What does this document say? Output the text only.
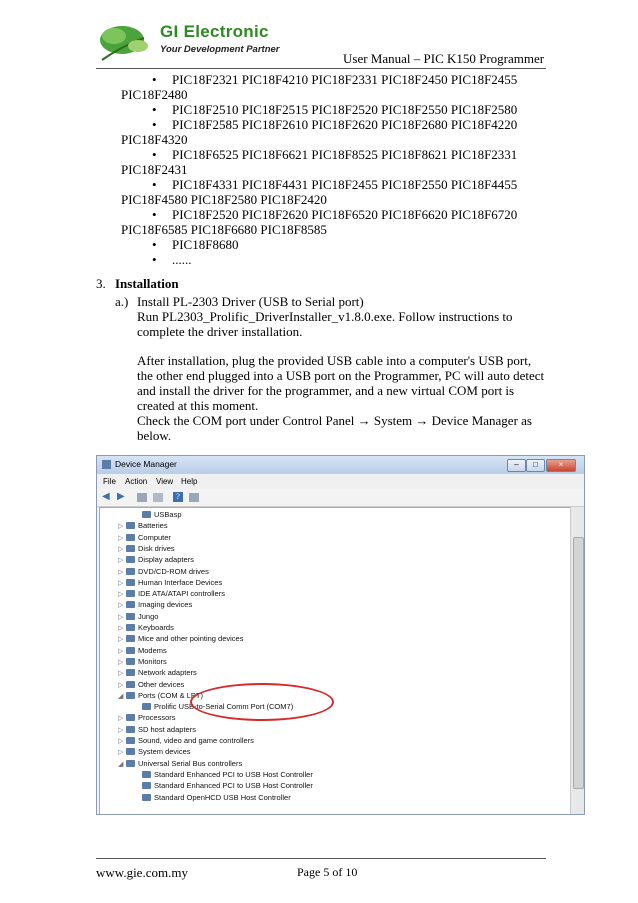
GI Electronic
Your Development Partner
User Manual – PIC K150 Programmer
• PIC18F2321 PIC18F4210 PIC18F2331 PIC18F2450 PIC18F2455
PIC18F2480
• PIC18F2510 PIC18F2515 PIC18F2520 PIC18F2550 PIC18F2580
• PIC18F2585 PIC18F2610 PIC18F2620 PIC18F2680 PIC18F4220
PIC18F4320
• PIC18F6525 PIC18F6621 PIC18F8525 PIC18F8621 PIC18F2331
PIC18F2431
• PIC18F4331 PIC18F4431 PIC18F2455 PIC18F2550 PIC18F4455
PIC18F4580 PIC18F2580 PIC18F2420
• PIC18F2520 PIC18F2620 PIC18F6520 PIC18F6620 PIC18F6720
PIC18F6585 PIC18F6680 PIC18F8585
• PIC18F8680
• ......
3. Installation
a.) Install PL-2303 Driver (USB to Serial port)
Run PL2303_Prolific_DriverInstaller_v1.8.0.exe. Follow instructions to
complete the driver installation.
After installation, plug the provided USB cable into a computer's USB port,
the other end plugged into a USB port on the Programmer, PC will auto detect
and install the driver for the programmer, and a new virtual COM port is
created at this moment.
Check the COM port under Control Panel → System → Device Manager as
below.
Device Manager	–	□	×
File Action View Help
◀ ▶	?
USBasp
▷ Batteries
▷ Computer
▷ Disk drives
▷ Display adapters
▷ DVD/CD-ROM drives
▷ Human Interface Devices
▷ IDE ATA/ATAPI controllers
▷ Imaging devices
▷ Jungo
▷ Keyboards
▷ Mice and other pointing devices
▷ Modems
▷ Monitors
▷ Network adapters
▷ Other devices
◢ Ports (COM & LPT)
Prolific USB-to-Serial Comm Port (COM7)
▷ Processors
▷ SD host adapters
▷ Sound, video and game controllers
▷ System devices
◢ Universal Serial Bus controllers
Standard Enhanced PCI to USB Host Controller
Standard Enhanced PCI to USB Host Controller
Standard OpenHCD USB Host Controller
www.gie.com.my	Page 5 of 10
